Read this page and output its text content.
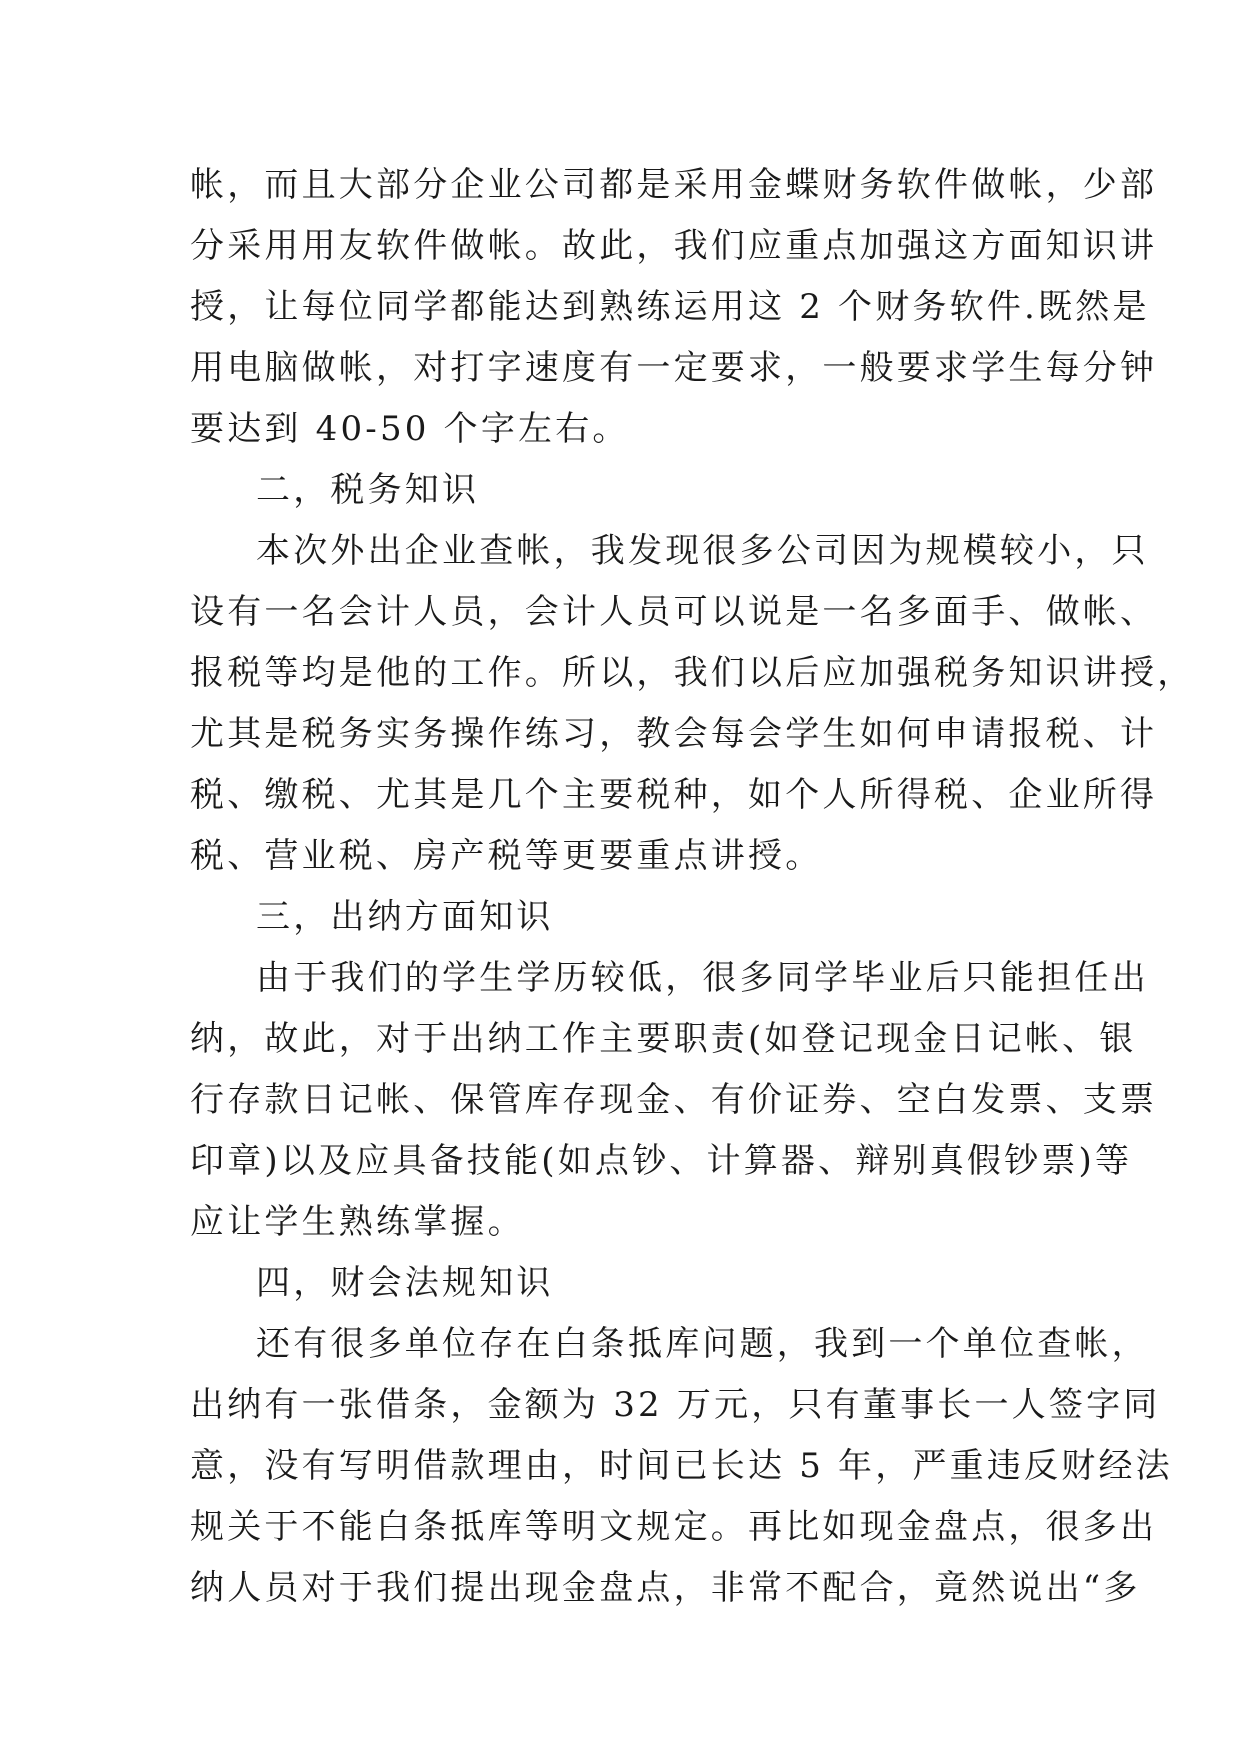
帐，而且大部分企业公司都是采用金蝶财务软件做帐，少部
分采用用友软件做帐。故此，我们应重点加强这方面知识讲
授，让每位同学都能达到熟练运用这 2 个财务软件.既然是
用电脑做帐，对打字速度有一定要求，一般要求学生每分钟
要达到 40-50 个字左右。
二，税务知识
本次外出企业查帐，我发现很多公司因为规模较小，只
设有一名会计人员，会计人员可以说是一名多面手、做帐、
报税等均是他的工作。所以，我们以后应加强税务知识讲授，
尤其是税务实务操作练习，教会每会学生如何申请报税、计
税、缴税、尤其是几个主要税种，如个人所得税、企业所得
税、营业税、房产税等更要重点讲授。
三，出纳方面知识
由于我们的学生学历较低，很多同学毕业后只能担任出
纳，故此，对于出纳工作主要职责(如登记现金日记帐、银
行存款日记帐、保管库存现金、有价证券、空白发票、支票
印章)以及应具备技能(如点钞、计算器、辩别真假钞票)等
应让学生熟练掌握。
四，财会法规知识
还有很多单位存在白条抵库问题，我到一个单位查帐，
出纳有一张借条，金额为 32 万元，只有董事长一人签字同
意，没有写明借款理由，时间已长达 5 年，严重违反财经法
规关于不能白条抵库等明文规定。再比如现金盘点，很多出
纳人员对于我们提出现金盘点，非常不配合，竟然说出“多
